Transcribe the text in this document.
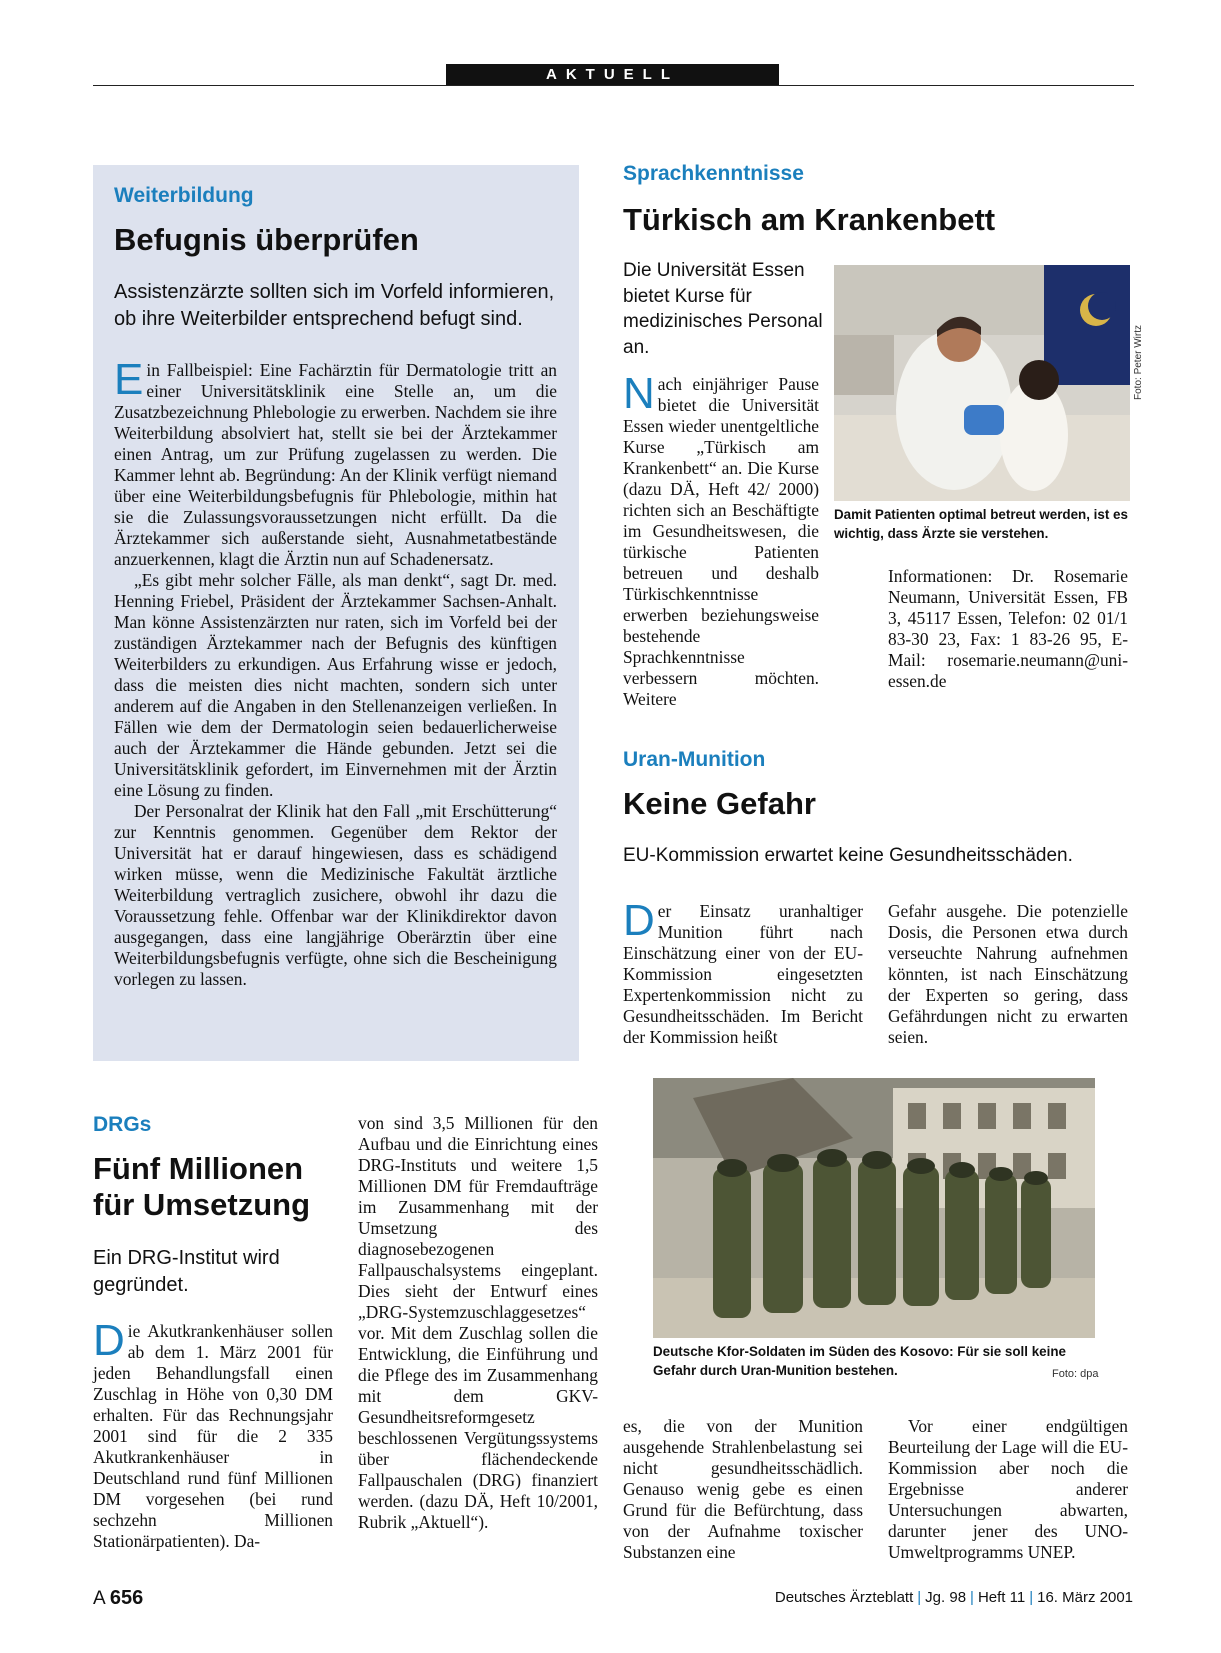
AKTUELL
Weiterbildung
Befugnis überprüfen
Assistenzärzte sollten sich im Vorfeld informieren, ob ihre Weiterbilder entsprechend befugt sind.

Ein Fallbeispiel: Eine Fachärztin für Dermatologie tritt an einer Universitätsklinik eine Stelle an, um die Zusatzbezeichnung Phlebologie zu erwerben. Nachdem sie ihre Weiterbildung absolviert hat, stellt sie bei der Ärztekammer einen Antrag, um zur Prüfung zugelassen zu werden. Die Kammer lehnt ab. Begründung: An der Klinik verfügt niemand über eine Weiterbildungsbefugnis für Phlebologie, mithin hat sie die Zulassungsvoraussetzungen nicht erfüllt. Da die Ärztekammer sich außerstande sieht, Ausnahmetatbestände anzuerkennen, klagt die Ärztin nun auf Schadenersatz.

„Es gibt mehr solcher Fälle, als man denkt“, sagt Dr. med. Henning Friebel, Präsident der Ärztekammer Sachsen-Anhalt. Man könne Assistenzärzten nur raten, sich im Vorfeld bei der zuständigen Ärztekammer nach der Befugnis des künftigen Weiterbilders zu erkundigen. Aus Erfahrung wisse er jedoch, dass die meisten dies nicht machten, sondern sich unter anderem auf die Angaben in den Stellenanzeigen verließen. In Fällen wie dem der Dermatologin seien bedauerlicherweise auch der Ärztekammer die Hände gebunden. Jetzt sei die Universitätsklinik gefordert, im Einvernehmen mit der Ärztin eine Lösung zu finden.

Der Personalrat der Klinik hat den Fall „mit Erschütterung“ zur Kenntnis genommen. Gegenüber dem Rektor der Universität hat er darauf hingewiesen, dass es schädigend wirken müsse, wenn die Medizinische Fakultät ärztliche Weiterbildung vertraglich zusichere, obwohl ihr dazu die Voraussetzung fehle. Offenbar war der Klinikdirektor davon ausgegangen, dass eine langjährige Oberärztin über eine Weiterbildungsbefugnis verfügte, ohne sich die Bescheinigung vorlegen zu lassen.

Sprachkenntnisse
Türkisch am Krankenbett
Die Universität Essen bietet Kurse für medizinisches Personal an.	Foto: Peter Wirtz
Damit Patienten optimal betreut werden, ist es wichtig, dass Ärzte sie verstehen.

Nach einjähriger Pause bietet die Universität Essen wieder unentgeltliche Kurse „Türkisch am Krankenbett“ an. Die Kurse (dazu DÄ, Heft 42/ 2000) richten sich an Beschäftigte im Gesundheitswesen, die türkische Patienten betreuen und deshalb Türkischkenntnisse erwerben beziehungsweise bestehende Sprachkenntnisse verbessern möchten. Weitere

Informationen: Dr. Rosemarie Neumann, Universität Essen, FB 3, 45117 Essen, Telefon: 02 01/1 83-30 23, Fax: 1 83-26 95, E-Mail: rosemarie.neumann@uni-essen.de
Uran-Munition
Keine Gefahr
EU-Kommission erwartet keine Gesundheitsschäden.

Der Einsatz uranhaltiger Munition führt nach Einschätzung einer von der EU-Kommission eingesetzten Expertenkommission nicht zu Gesundheitsschäden. Im Bericht der Kommission heißt

Gefahr ausgehe. Die potenzielle Dosis, die Personen etwa durch verseuchte Nahrung aufnehmen könnten, ist nach Einschätzung der Experten so gering, dass Gefährdungen nicht zu erwarten seien.
Deutsche Kfor-Soldaten im Süden des Kosovo: Für sie soll keine Gefahr durch Uran-Munition bestehen.	Foto: dpa
es, die von der Munition ausgehende Strahlenbelastung sei nicht gesundheitsschädlich. Genauso wenig gebe es einen Grund für die Befürchtung, dass von der Aufnahme toxischer Substanzen eine

Vor einer endgültigen Beurteilung der Lage will die EU-Kommission aber noch die Ergebnisse anderer Untersuchungen abwarten, darunter jener des UNO-Umweltprogramms UNEP.

DRGs
Fünf Millionen
für Umsetzung
Ein DRG-Institut wird gegründet.

Die Akutkrankenhäuser sollen ab dem 1. März 2001 für jeden Behandlungsfall einen Zuschlag in Höhe von 0,30 DM erhalten. Für das Rechnungsjahr 2001 sind für die 2 335 Akutkrankenhäuser in Deutschland rund fünf Millionen DM vorgesehen (bei rund sechzehn Millionen Stationärpatienten). Da-

von sind 3,5 Millionen für den Aufbau und die Einrichtung eines DRG-Instituts und weitere 1,5 Millionen DM für Fremdaufträge im Zusammenhang mit der Umsetzung des diagnosebezogenen Fallpauschalsystems eingeplant. Dies sieht der Entwurf eines „DRG-Systemzuschlaggesetzes“ vor. Mit dem Zuschlag sollen die Entwicklung, die Einführung und die Pflege des im Zusammenhang mit dem GKV-Gesundheitsreformgesetz beschlossenen Vergütungssystems über flächendeckende Fallpauschalen (DRG) finanziert werden. (dazu DÄ, Heft 10/2001, Rubrik „Aktuell“).
A 656	Deutsches Ärzteblatt | Jg. 98 | Heft 11 | 16. März 2001
